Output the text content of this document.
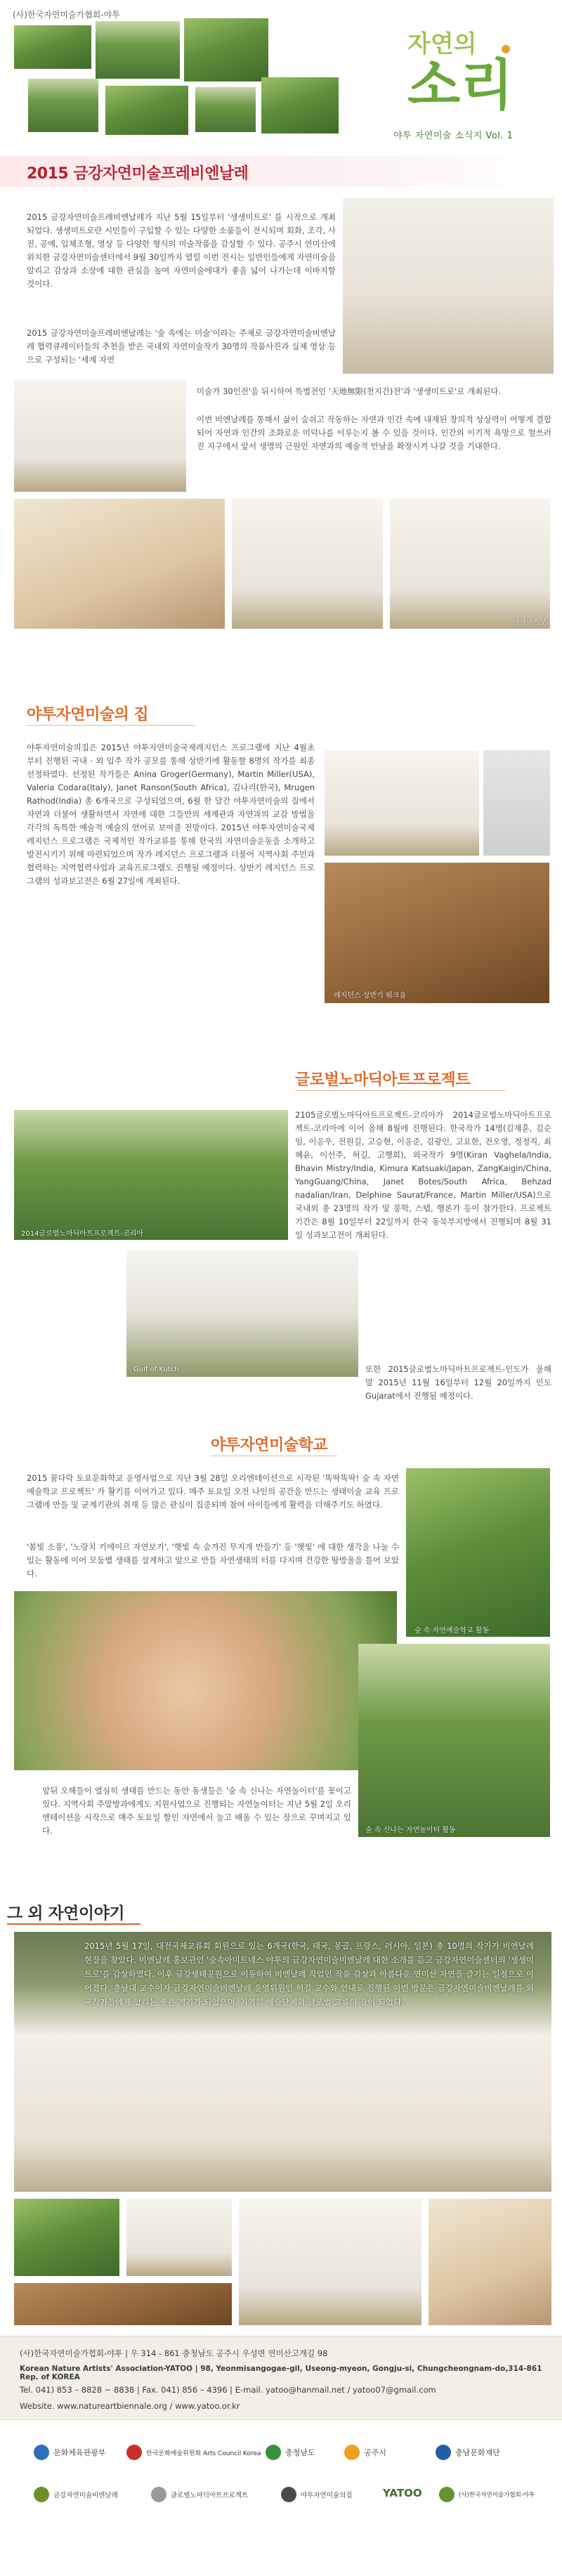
(사)한국자연미술가협회-야투
자연의
소리
야투 자연미술 소식지 Vol. 1
2015 금강자연미술프레비엔날레
2015 금강자연미술프레비엔날레가 지난 5월 15일부터 '생생미트로' 를 시작으로 개최되었다. 생생미트로란 시민들이 구입할 수 있는 다양한 소품들이 전시되며 회화, 조각, 사진, 공예, 입체조형, 영상 등 다양한 형식의 미술작품을 감상할 수 있다. 공주시 연미산에 위치한 금강자연미술센터에서 9월 30일까지 열릴 이번 전시는 일반인들에게 자연미술을 알리고 감상과 소장에 대한 관심을 높여 자연미술에대가 좋을 넓어 나가는데 이바지할 것이다.
2015 금강자연미술프레비엔날레는 '숲 속에는 미술'이라는 주제로 금강자연미술비엔날레 협력큐레이터들의 추천을 받은 국내외 자연미술작가 30명의 작품사진과 실제 영상 등으로 구성되는 '세계 자연
미술가 30인전'을 뒤시하여 특별전인 '天地無限(천지간)전'과 '생생미트로'로 개최된다.
이번 비엔날레를 통해서 삶이 숨쉬고 작동하는 자연과 인간 속에 내재된 창의적 상상력이 어떻게 결합되어 자연과 인간의 조화로운 미덕나를 이루는지 볼 수 있을 것이다. 인간의 이기적 욕망으로 헐쓰러진 지구에서 앞서 생명의 근원인 자연과의 예술적 만남을 확장시켜 나갈 것을 기대한다.
생생미트로
야투자연미술의 집
야투자연미술의집은 2015년 야투자연미술국제레지던스 프로그램에 지난 4월초부터 진행된 국내 · 외 입주 작가 공모를 통해 상반기에 활동할 8명의 작가를 최종 선정하였다. 선정된 작가들은 Anina Groger(Germany), Martin Miller(USA), Valeria Codara(Italy), Janet Ranson(South Africa), 김나리(한국), Mrugen Rathod(India) 총 6개국으로 구성되었으며, 6월 한 달간 야투자연미술의 집에서 자연과 더불어 생활하면서 자연에 대한 그들만의 세계관과 자연과의 교감 방법을 각각의 독특한 예술적 예술의 언어로 보여줄 전망이다. 2015년 야투자연미술국제레지던스 프로그램은 국제적인 작가교류를 통해 한국의 자연미술운동을 소개하고 발전시키기 위해 마련되었으며 작가 레지던스 프로그램과 더불어 지역사회 주민과 협력하는 지역협력사업과 교육프로그램도 진행될 예정이다. 상반기 레지던스 프로그램의 성과보고전은 6월 27일에 개최된다.
레지던스 상반기 워크숍
글로벌노마딕아트프로젝트
2014글로벌노마딕아트프로젝트-코리아
2105글로벌노마딕아트프로젝트-코리아가 2014글로벌노마딕아트프로젝트-코리아에 이어 올해 8월에 진행된다. 한국작가 14명(김재훈, 김순임, 이응우, 전원길, 고승현, 이응준, 김광인, 고요한, 전오영, 정정직, 최혜윤, 이선주, 허길, 고행희), 외국작가 9명(Kiran Vaghela/India, Bhavin Mistry/India, Kimura Katsuaki/Japan, ZangKaigin/China, YangGuang/China, Janet Botes/South Africa, Behzad nadalian/Iran, Delphine Saurat/France, Martin Miller/USA)으로 국내외 총 23명의 작가 및 풍학, 스탭, 행론가 등이 참가한다. 프로젝트 기간은 8월 10일부터 22일까지 한국 동북부지방에서 진행되며 8월 31일 성과보고전이 개최된다.
또한 2015글로벌노마딕아트프로젝트-인도가 올해 말 2015년 11월 16일부터 12월 20일까지 인도 Gujarat에서 진행될 예정이다.
Gulf of Kutch
야투자연미술학교
2015 꿈다락 토요문화학교 운영사업으로 지난 3월 28일 오리엔테이션으로 시작된 '똑딱똑딱! 숲 속 자연예술학교 프로젝트' 가 활기를 이어가고 있다. 매주 토요일 오전 나인의 공간을 만드는 생태미술 교육 프로그램에 만들 및 균계기관의 취재 등 많은 관심이 집중되며 참여 아이들에게 활력을 더해주기도 하였다.
'봄빛 소풍', '노랑치 키에이르 자연보기', '햇빛 속 숨겨진 무지개 만들기' 등 '햇빛' 에 대한 생각을 나눌 수 있는 활동에 이어 모둠별 생태를 설계하고 앞으로 만들 자연생태의 터를 다지며 건강한 땅방울을 틀어 보았다.
숲 속 자연예술학교 활동
숲 속 신나는 자연놀이터 활동
앞뒤 오해들이 열심히 생태를 만드는 동안 동생들은 '숲 속 신나는 자연놀이터'를 꽃이고 있다. 지역사회 주말방과에게도 지원사업으로 진행되는 자연놀이터는 지난 5월 2일 오리엔테이션을 시작으로 매주 토요일 할인 자연에서 놀고 배울 수 있는 장으로 꾸며지고 있다.
그 외 자연이야기
2015년 5월 17일, 대전국제교류회 회원으로 있는 6개국(한국, 태국, 몽골, 프랑스, 러시아, 일본) 총 10명의 작가가 비엔날레 현장을 찾았다. 비엔날레 홍보관인 '숲속아미트네스 야투의 금강자연미술비엔날레 대한 소개를 듣고 금강자연미술센터의 '생생미트로'를 감상하였다. 이후 금강생태공원으로 이동하여 비엔날레 작업인 작품 감상과 아름다운 연미산 자연을 즐기는 일정으로 이어졌다. 충남대 교수이자 금강자연미술비엔날레 운영위원인 허길 교수와 안내로 진행된 이번 방문은 금강자연미술비엔날레를 외국작가들에게 알리는 좋은 계기가 되었으며, 지역의 예술단체와 글로벌 교류의 장이 되었다.
(사)한국자연미술가협회-야투 | 우 314 - 861 충청남도 공주시 우성면 연미산고개길 98
Korean Nature Artists' Association-YATOO | 98, Yeonmisangogae-gil, Useong-myeon, Gongju-si, Chungcheongnam-do,314-861 Rep. of KOREA
Tel. 041) 853 – 8828 ~ 8838 | Fax. 041) 856 – 4396 | E-mail. yatoo@hanmail.net / yatoo07@gmail.com
Website. www.natureartbiennale.org / www.yatoo.or.kr
문화체육관광부	한국문화예술위원회 Arts Council Korea	충청남도	공주시	충남문화재단
금강자연미술비엔날레	글로벌노마딕아트프로젝트	야투자연미술의집	YATOO	(사)한국자연미술가협회-야투
